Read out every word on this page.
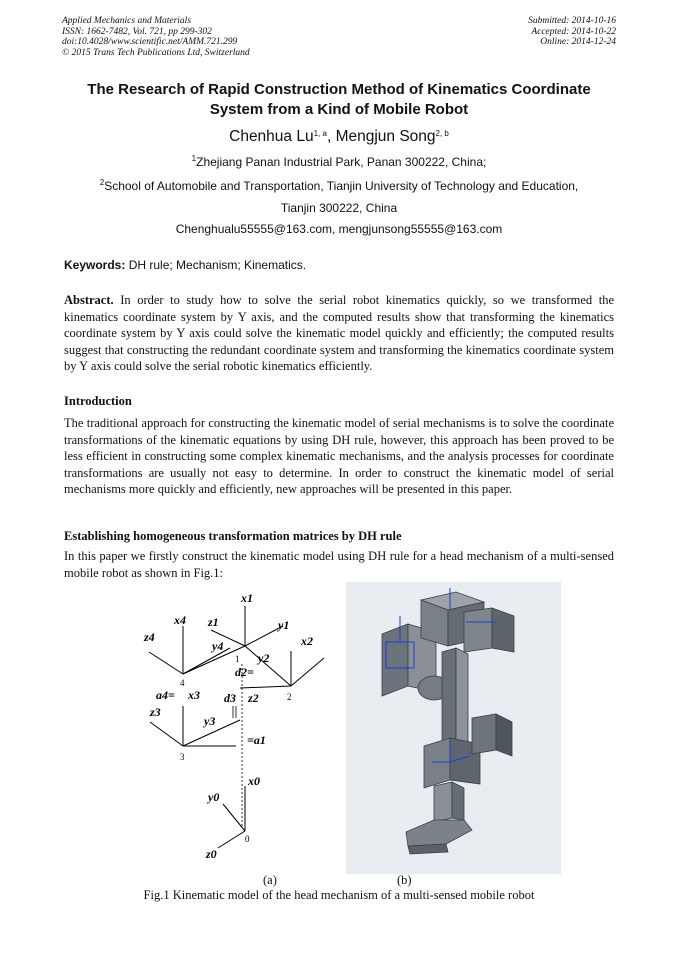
Applied Mechanics and Materials
ISSN: 1662-7482, Vol. 721, pp 299-302
doi:10.4028/www.scientific.net/AMM.721.299
© 2015 Trans Tech Publications Ltd, Switzerland
Submitted: 2014-10-16
Accepted: 2014-10-22
Online: 2014-12-24
The Research of Rapid Construction Method of Kinematics Coordinate
System from a Kind of Mobile Robot
Chenhua Lu$^{1, a}$, Mengjun Song$^{2, b}$
$^1$Zhejiang Panan Industrial Park, Panan 300222, China;
$^2$School of Automobile and Transportation, Tianjin University of Technology and Education,
Tianjin 300222, China
Chenghualu55555@163.com, mengjunsong55555@163.com
Keywords: DH rule; Mechanism; Kinematics.
Abstract. In order to study how to solve the serial robot kinematics quickly, so we transformed the kinematics coordinate system by Y axis, and the computed results show that transforming the kinematics coordinate system by Y axis could solve the kinematic model quickly and efficiently; the computed results suggest that constructing the redundant coordinate system and transforming the kinematics coordinate system by Y axis could solve the serial robotic kinematics efficiently.
Introduction
The traditional approach for constructing the kinematic model of serial mechanisms is to solve the coordinate transformations of the kinematic equations by using DH rule, however, this approach has been proved to be less efficient in constructing some complex kinematic mechanisms, and the analysis processes for coordinate transformations are usually not easy to determine. In order to construct the kinematic model of serial mechanisms more quickly and efficiently, new approaches will be presented in this paper.
Establishing homogeneous transformation matrices by DH rule
In this paper we firstly construct the kinematic model using DH rule for a head mechanism of a multi-sensed mobile robot as shown in Fig.1:
x1
z1	y1
x4
z4
y4	x2
y2
d2=
a4= x3 d3 z2
z3
y3
=a1
x0
y0
z0
1
4
2
3
0
(a)	(b)
Fig.1 Kinematic model of the head mechanism of a multi-sensed mobile robot
